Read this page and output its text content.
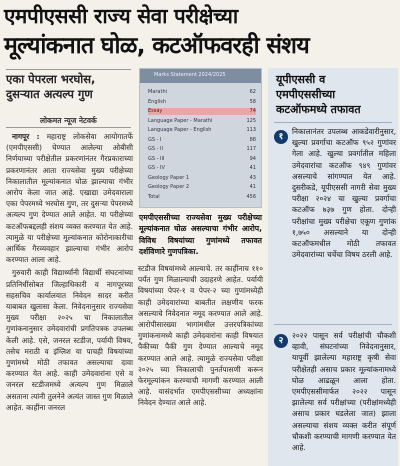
एमपीएससी राज्य सेवा परीक्षेच्या
मूल्यांकनात घोळ, कटऑफवरही संशय
एका पेपरला भरघोस,
दुसऱ्यात अत्यल्प गुण
लोकमत न्यूज नेटवर्क

नागपूर : महाराष्ट्र लोकसेवा आयोगातर्फे (एमपीएससी) घेण्यात आलेल्या ओबीसी निर्णयाच्या परीक्षेतील प्रकरणांनंतर गैरप्रकाराच्या प्रकरणानंतर आता राज्यसेवा मुख्य परीक्षेच्या निकालातील मूल्यांकनात घोळ झाल्याचा गंभीर आरोप केला जात आहे. एखाद्या उमेदवाराला एका पेपरमध्ये भरघोस गुण, तर दुसऱ्या पेपरमध्ये अत्यल्प गुण देण्यात आले आहेत. या परीक्षेच्या कटऑफबद्दलही संशय व्यक्त करण्यात येत आहे. त्यामुळे या परीक्षेच्या मूल्यांकनात कोरोनाकारीचा आर्थिक गैरव्यवहार झाल्याचा गंभीर आरोप करण्यात आला आहे.

गुरुवारी काही विद्यार्थ्यांनी विद्यार्थी संघटनांच्या प्रतिनिधींसोबत जिल्हाधिकारी व नागपूरच्या सहसचिव कार्यालयात निवेदन सादर करीत याबाबत खुलासा केला. निवेदनानुसार राज्यसेवा मुख्य परीक्षा २०२५ चा निकालातील गुणांकनानुसार उमेदवारांची प्रगतिपत्रक उपलब्ध केली आहे. एसे, जनरल स्टडीज, पर्यायी विषय, तसेच मराठी व इंग्लिश या पाचही विषयांच्या गुणांमध्ये मोठी तफावत असल्याचा दावा करण्यात येत आहे. काही उमेदवारांना एसे व जनरल स्टडीजमध्ये अत्यल्प गुण मिळाले असताना त्यांनी तुलनेने अत्यंत जास्त गुण मिळाले आहेत. काहींना जनरल

Marks Statement 2024/2025
Marathi	62
English	58
Essay	74
Language Paper - Marathi	125
Language Paper - English	113
GS - I	88
GS - II	117
GS - III	94
GS - IV	41
Geology Paper 1	43
Geology Paper 2	41
Total	456
एमपीएससीच्या राज्यसेवा मुख्य परीक्षेच्या मूल्यांकनात घोळ असल्याचा गंभीर आरोप, विविध विषयांच्या गुणांमध्ये तफावत दर्शविणारे गुणपत्रिका.

स्टडीज विषयांमध्ये आल्याचे. तर काहींनाच ११० पर्यंत गुण मिळाल्याची उदाहरणे आहेत. पर्यायी विषयांच्या पेपर-१ व पेपर-२ च्या गुणांमध्येही काही उमेदवारांच्या बाबतीत लक्षणीय फरक असल्याचे निवेदनात नमूद करण्यात आले आहे. आरोपीसारख्या भागांमधील उत्तरपत्रिकांच्या गुणांकनामध्ये काही उमेदवारांना काही विषयात पैकीच्या पैकी गुण देण्यात आल्याचे नमूद करण्यात आले आहे. त्यामुळे राज्यसेवा परीक्षा २०२५ च्या निकालाची पुनर्तपासणी करून फेरमूल्यांकन करण्याची मागणी करण्यात आली आहे. यासंदर्भात एमपीएससीच्या अध्यक्षांना निवेदन देण्यात आले आहे.

यूपीएससी व
एमपीएससीच्या
कटऑफमध्ये तफावत
१
निकालानंतर उपलब्ध आकडेवारीनुसार, खुल्या प्रवर्गाचा कटऑफ ९५२ गुणांवर गेला आहे. खुल्या प्रवर्गातील महिला उमेदवारांचा कटऑफ ९४९ गुणांवर असल्याचे सांगण्यात येत आहे. दुसरीकडे, यूपीएससी नागरी सेवा मुख्य परीक्षा २०२४ चा खुल्या प्रवर्गाचा कटऑफ ७३७ गुण होता. दोन्ही परीक्षांचा मुख्य परीक्षेचा एकूण गुणांक १,७५० असल्याने या दोन्ही कटऑफमधील मोठी तफावत उमेदवारांच्या चर्चेचा विषय ठरली आहे.
२
२०२२ पासून सर्व परीक्षांची चौकशी व्हावी, संघटनांच्या निवेदनानुसार, यापूर्वी झालेल्या महाराष्ट्र कृषी सेवा परीक्षेतही असाच प्रकार मूल्यांकनामध्ये घोळ आढळून आला होता. एमपीएससीमार्फत २०२२ पासून झालेल्या सर्व परीक्षांच्या (परीक्षांमध्येही असाच प्रकार घडलेला जात) झाला असल्याचा संशय व्यक्त करीत संपूर्ण चौकशी करण्याची मागणी करण्यात येत आहे.
